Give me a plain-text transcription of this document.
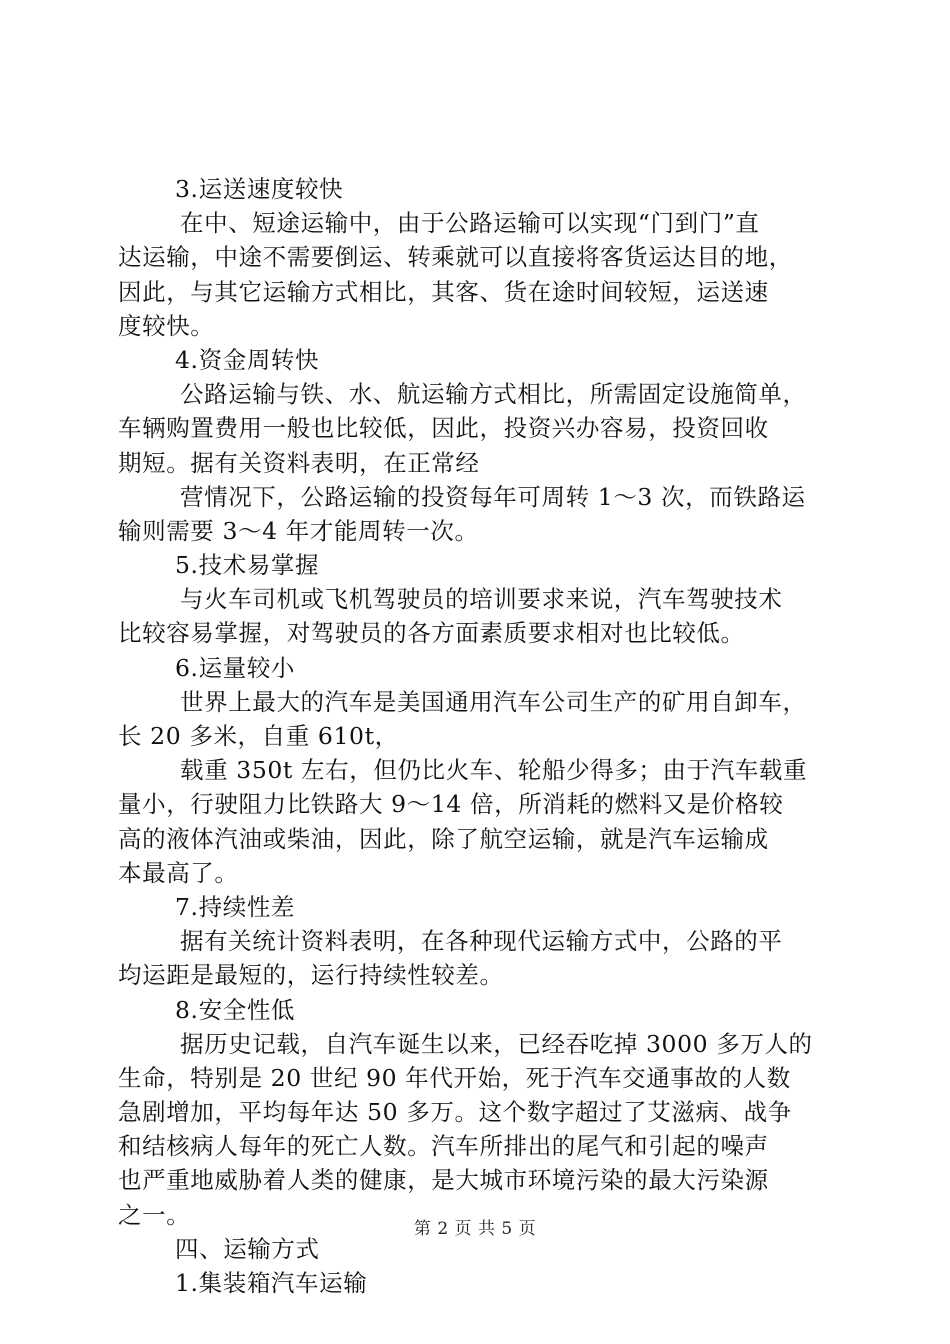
3.运送速度较快
在中、短途运输中，由于公路运输可以实现“门到门”直
达运输，中途不需要倒运、转乘就可以直接将客货运达目的地，
因此，与其它运输方式相比，其客、货在途时间较短，运送速
度较快。
4.资金周转快
公路运输与铁、水、航运输方式相比，所需固定设施简单，
车辆购置费用一般也比较低，因此，投资兴办容易，投资回收
期短。据有关资料表明，在正常经
营情况下，公路运输的投资每年可周转 1～3 次，而铁路运
输则需要 3～4 年才能周转一次。
5.技术易掌握
与火车司机或飞机驾驶员的培训要求来说，汽车驾驶技术
比较容易掌握，对驾驶员的各方面素质要求相对也比较低。
6.运量较小
世界上最大的汽车是美国通用汽车公司生产的矿用自卸车，
长 20 多米，自重 610t，
载重 350t 左右，但仍比火车、轮船少得多；由于汽车载重
量小，行驶阻力比铁路大 9～14 倍，所消耗的燃料又是价格较
高的液体汽油或柴油，因此，除了航空运输，就是汽车运输成
本最高了。
7.持续性差
据有关统计资料表明，在各种现代运输方式中，公路的平
均运距是最短的，运行持续性较差。
8.安全性低
据历史记载，自汽车诞生以来，已经吞吃掉 3000 多万人的
生命，特别是 20 世纪 90 年代开始，死于汽车交通事故的人数
急剧增加，平均每年达 50 多万。这个数字超过了艾滋病、战争
和结核病人每年的死亡人数。汽车所排出的尾气和引起的噪声
也严重地威胁着人类的健康，是大城市环境污染的最大污染源
之一。
四、运输方式
1.集装箱汽车运输
第 2 页 共 5 页
